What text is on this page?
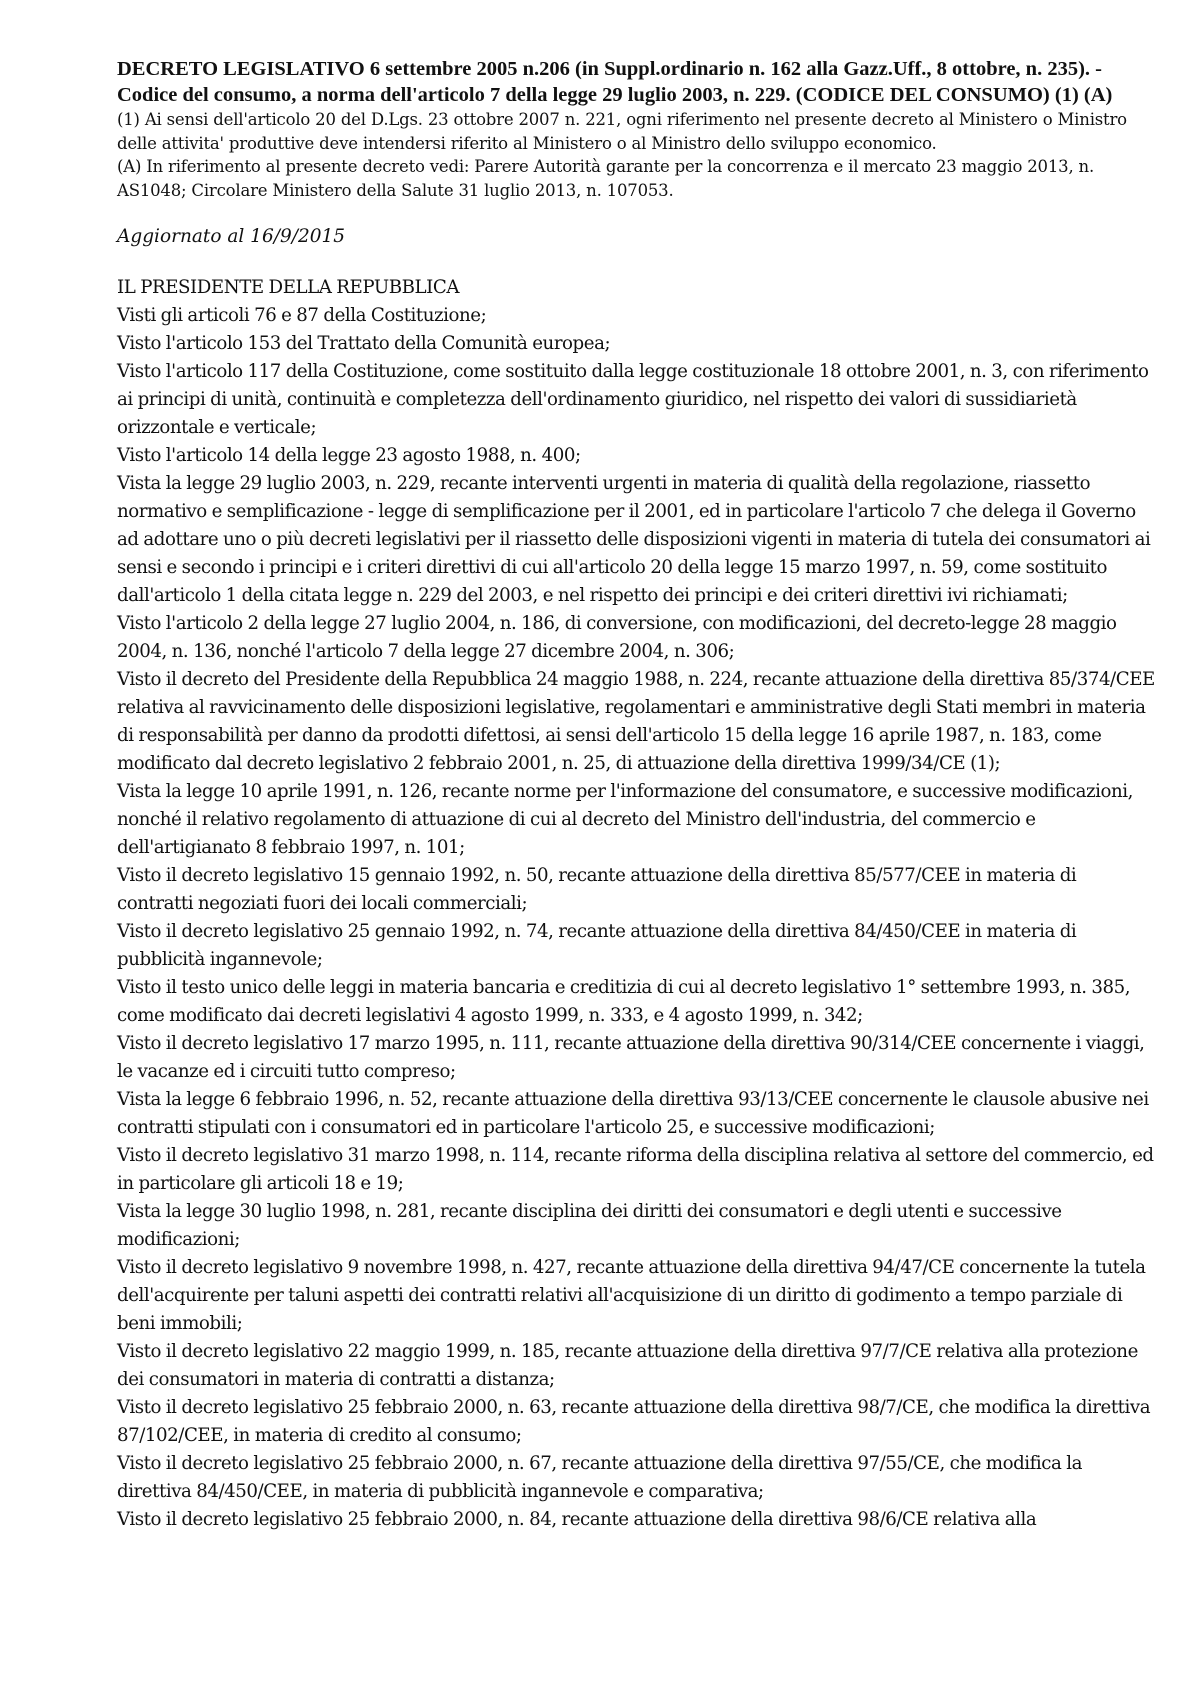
DECRETO LEGISLATIVO 6 settembre 2005 n.206 (in Suppl.ordinario n. 162 alla Gazz.Uff., 8 ottobre, n. 235). - Codice del consumo, a norma dell'articolo 7 della legge 29 luglio 2003, n. 229. (CODICE DEL CONSUMO) (1) (A)

(1) Ai sensi dell'articolo 20 del D.Lgs. 23 ottobre 2007 n. 221, ogni riferimento nel presente decreto al Ministero o Ministro delle attivita' produttive deve intendersi riferito al Ministero o al Ministro dello sviluppo economico.

(A) In riferimento al presente decreto vedi: Parere Autorità garante per la concorrenza e il mercato 23 maggio 2013, n. AS1048; Circolare Ministero della Salute 31 luglio 2013, n. 107053.

Aggiornato al 16/9/2015

IL PRESIDENTE DELLA REPUBBLICA

Visti gli articoli 76 e 87 della Costituzione;

Visto l'articolo 153 del Trattato della Comunità europea;

Visto l'articolo 117 della Costituzione, come sostituito dalla legge costituzionale 18 ottobre 2001, n. 3, con riferimento ai principi di unità, continuità e completezza dell'ordinamento giuridico, nel rispetto dei valori di sussidiarietà orizzontale e verticale;

Visto l'articolo 14 della legge 23 agosto 1988, n. 400;

Vista la legge 29 luglio 2003, n. 229, recante interventi urgenti in materia di qualità della regolazione, riassetto normativo e semplificazione - legge di semplificazione per il 2001, ed in particolare l'articolo 7 che delega il Governo ad adottare uno o più decreti legislativi per il riassetto delle disposizioni vigenti in materia di tutela dei consumatori ai sensi e secondo i principi e i criteri direttivi di cui all'articolo 20 della legge 15 marzo 1997, n. 59, come sostituito dall'articolo 1 della citata legge n. 229 del 2003, e nel rispetto dei principi e dei criteri direttivi ivi richiamati;

Visto l'articolo 2 della legge 27 luglio 2004, n. 186, di conversione, con modificazioni, del decreto-legge 28 maggio 2004, n. 136, nonché l'articolo 7 della legge 27 dicembre 2004, n. 306;

Visto il decreto del Presidente della Repubblica 24 maggio 1988, n. 224, recante attuazione della direttiva 85/374/CEE relativa al ravvicinamento delle disposizioni legislative, regolamentari e amministrative degli Stati membri in materia di responsabilità per danno da prodotti difettosi, ai sensi dell'articolo 15 della legge 16 aprile 1987, n. 183, come modificato dal decreto legislativo 2 febbraio 2001, n. 25, di attuazione della direttiva 1999/34/CE (1);

Vista la legge 10 aprile 1991, n. 126, recante norme per l'informazione del consumatore, e successive modificazioni, nonché il relativo regolamento di attuazione di cui al decreto del Ministro dell'industria, del commercio e dell'artigianato 8 febbraio 1997, n. 101;

Visto il decreto legislativo 15 gennaio 1992, n. 50, recante attuazione della direttiva 85/577/CEE in materia di contratti negoziati fuori dei locali commerciali;

Visto il decreto legislativo 25 gennaio 1992, n. 74, recante attuazione della direttiva 84/450/CEE in materia di pubblicità ingannevole;

Visto il testo unico delle leggi in materia bancaria e creditizia di cui al decreto legislativo 1° settembre 1993, n. 385, come modificato dai decreti legislativi 4 agosto 1999, n. 333, e 4 agosto 1999, n. 342;

Visto il decreto legislativo 17 marzo 1995, n. 111, recante attuazione della direttiva 90/314/CEE concernente i viaggi, le vacanze ed i circuiti tutto compreso;

Vista la legge 6 febbraio 1996, n. 52, recante attuazione della direttiva 93/13/CEE concernente le clausole abusive nei contratti stipulati con i consumatori ed in particolare l'articolo 25, e successive modificazioni;

Visto il decreto legislativo 31 marzo 1998, n. 114, recante riforma della disciplina relativa al settore del commercio, ed in particolare gli articoli 18 e 19;

Vista la legge 30 luglio 1998, n. 281, recante disciplina dei diritti dei consumatori e degli utenti e successive modificazioni;

Visto il decreto legislativo 9 novembre 1998, n. 427, recante attuazione della direttiva 94/47/CE concernente la tutela dell'acquirente per taluni aspetti dei contratti relativi all'acquisizione di un diritto di godimento a tempo parziale di beni immobili;

Visto il decreto legislativo 22 maggio 1999, n. 185, recante attuazione della direttiva 97/7/CE relativa alla protezione dei consumatori in materia di contratti a distanza;

Visto il decreto legislativo 25 febbraio 2000, n. 63, recante attuazione della direttiva 98/7/CE, che modifica la direttiva 87/102/CEE, in materia di credito al consumo;

Visto il decreto legislativo 25 febbraio 2000, n. 67, recante attuazione della direttiva 97/55/CE, che modifica la direttiva 84/450/CEE, in materia di pubblicità ingannevole e comparativa;

Visto il decreto legislativo 25 febbraio 2000, n. 84, recante attuazione della direttiva 98/6/CE relativa alla
